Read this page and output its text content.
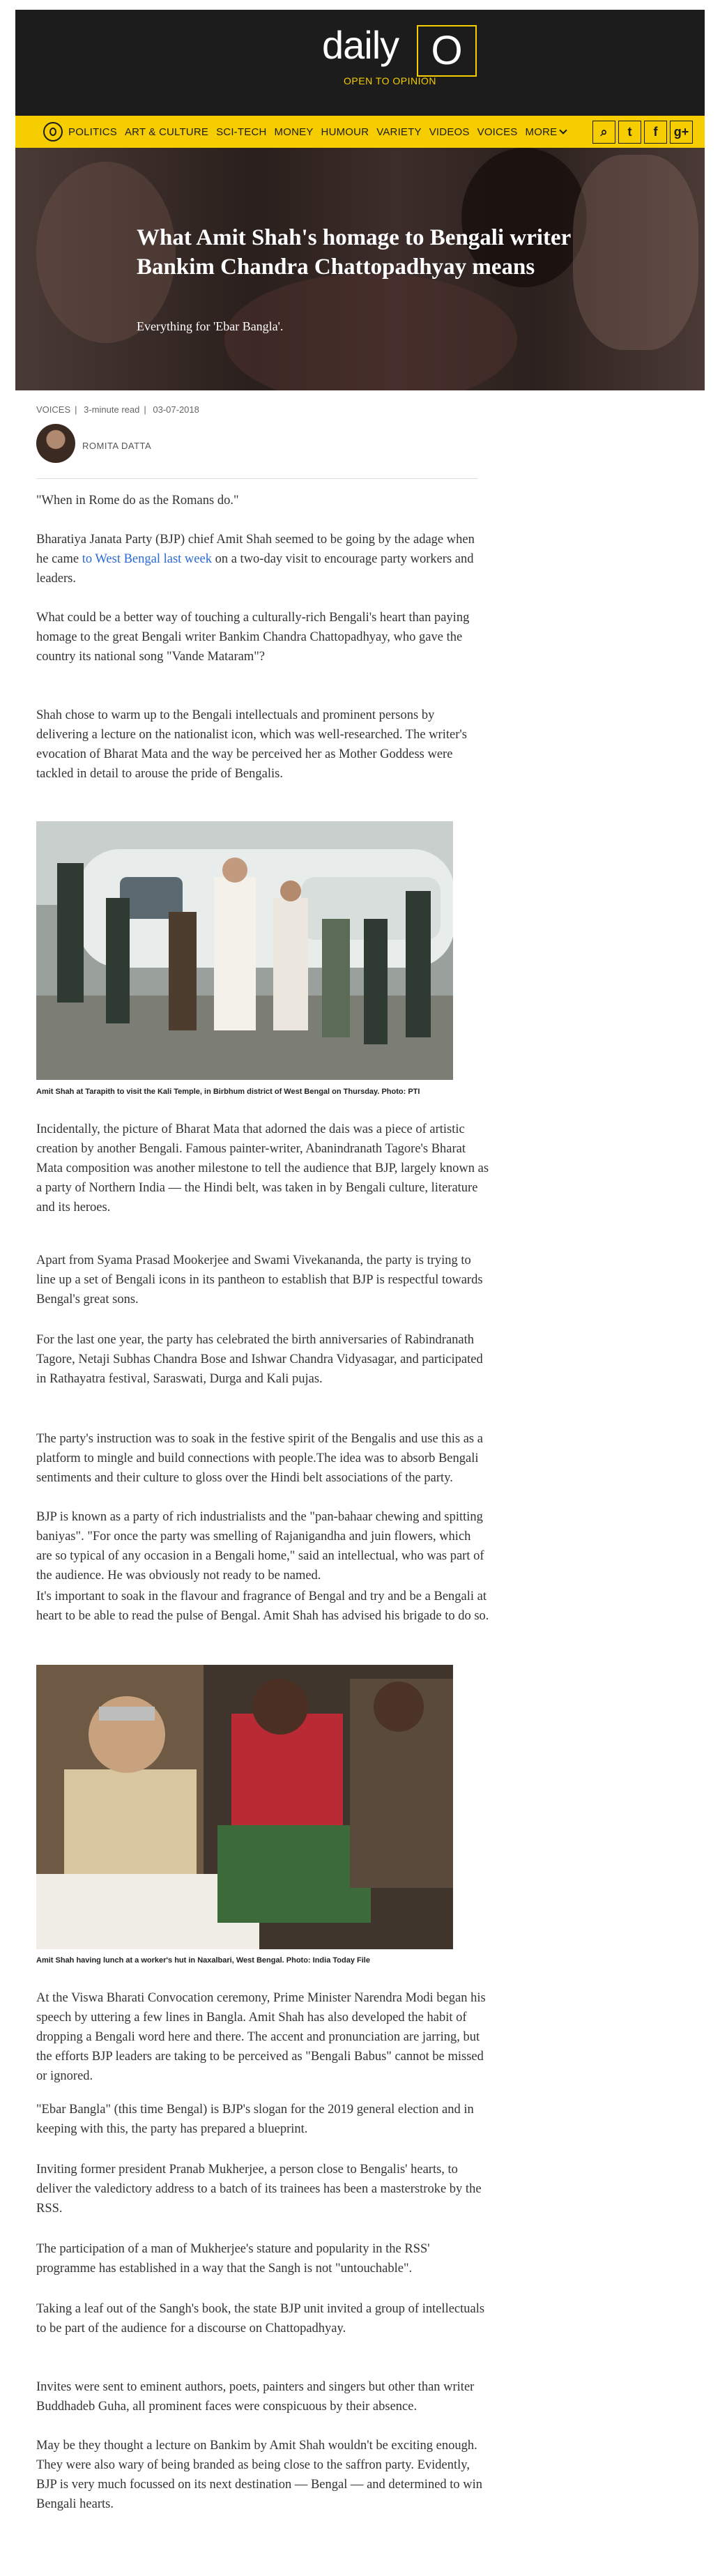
daily O
OPEN TO OPINION
POLITICS ART & CULTURE SCI-TECH MONEY HUMOUR VARIETY VIDEOS VOICES MORE	⌕	t	f	g+
What Amit Shah's homage to Bengali writer Bankim Chandra Chattopadhyay means
Everything for 'Ebar Bangla'.
VOICES | 3-minute read | 03-07-2018
ROMITA DATTA

"When in Rome do as the Romans do."

Bharatiya Janata Party (BJP) chief Amit Shah seemed to be going by the adage when he came to West Bengal last week on a two-day visit to encourage party workers and leaders.

What could be a better way of touching a culturally-rich Bengali's heart than paying homage to the great Bengali writer Bankim Chandra Chattopadhyay, who gave the country its national song "Vande Mataram"?

Shah chose to warm up to the Bengali intellectuals and prominent persons by delivering a lecture on the nationalist icon, which was well-researched. The writer's evocation of Bharat Mata and the way be perceived her as Mother Goddess were tackled in detail to arouse the pride of Bengalis.

Amit Shah at Tarapith to visit the Kali Temple, in Birbhum district of West Bengal on Thursday. Photo: PTI

Incidentally, the picture of Bharat Mata that adorned the dais was a piece of artistic creation by another Bengali. Famous painter-writer, Abanindranath Tagore's Bharat Mata composition was another milestone to tell the audience that BJP, largely known as a party of Northern India — the Hindi belt, was taken in by Bengali culture, literature and its heroes.

Apart from Syama Prasad Mookerjee and Swami Vivekananda, the party is trying to line up a set of Bengali icons in its pantheon to establish that BJP is respectful towards Bengal's great sons.

For the last one year, the party has celebrated the birth anniversaries of Rabindranath Tagore, Netaji Subhas Chandra Bose and Ishwar Chandra Vidyasagar, and participated in Rathayatra festival, Saraswati, Durga and Kali pujas.

The party's instruction was to soak in the festive spirit of the Bengalis and use this as a platform to mingle and build connections with people.The idea was to absorb Bengali sentiments and their culture to gloss over the Hindi belt associations of the party.

BJP is known as a party of rich industrialists and the "pan-bahaar chewing and spitting baniyas". "For once the party was smelling of Rajanigandha and juin flowers, which are so typical of any occasion in a Bengali home," said an intellectual, who was part of the audience. He was obviously not ready to be named.

It's important to soak in the flavour and fragrance of Bengal and try and be a Bengali at heart to be able to read the pulse of Bengal. Amit Shah has advised his brigade to do so.

Amit Shah having lunch at a worker's hut in Naxalbari, West Bengal. Photo: India Today File

At the Viswa Bharati Convocation ceremony, Prime Minister Narendra Modi began his speech by uttering a few lines in Bangla. Amit Shah has also developed the habit of dropping a Bengali word here and there. The accent and pronunciation are jarring, but the efforts BJP leaders are taking to be perceived as "Bengali Babus" cannot be missed or ignored.

"Ebar Bangla" (this time Bengal) is BJP's slogan for the 2019 general election and in keeping with this, the party has prepared a blueprint.

Inviting former president Pranab Mukherjee, a person close to Bengalis' hearts, to deliver the valedictory address to a batch of its trainees has been a masterstroke by the RSS.

The participation of a man of Mukherjee's stature and popularity in the RSS' programme has established in a way that the Sangh is not "untouchable".

Taking a leaf out of the Sangh's book, the state BJP unit invited a group of intellectuals to be part of the audience for a discourse on Chattopadhyay.

Invites were sent to eminent authors, poets, painters and singers but other than writer Buddhadeb Guha, all prominent faces were conspicuous by their absence.

May be they thought a lecture on Bankim by Amit Shah wouldn't be exciting enough. They were also wary of being branded as being close to the saffron party. Evidently, BJP is very much focussed on its next destination — Bengal — and determined to win Bengali hearts.
